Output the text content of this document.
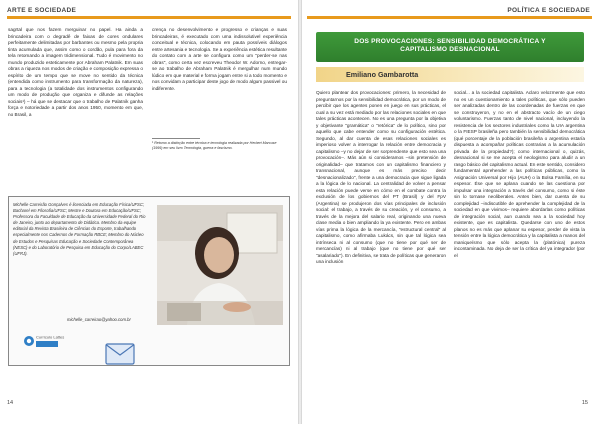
ARTE E SOCIEDADE

sagrtal que nos fazem merguinar no papel. Ha ainda a brincadeira com o degradê de faixas de cores ondulares perfeitamente delimitadas por barbantes ou mesmo pela propria tinta acumulada que, assim como o cordão, pula para fora da tela retomando a imagem tridimensional. Tudo é movimento no mundo produzido esteticamente por Abraham Palatnik. Em suas obras a riqueza nos modos de criação e composição expressa o espírito de um tempo que se move no sentido da técnica (entendida como instrumento para transformação da natureza), para a tecnologia (a totalidade dos instrumentos configurando um modo de produção que organiza e difunde as relações sociais¹) – há que se destacar que o trabalho de Palatnik ganha força e notoriedade a partir dos anos 1950, momento em que, no Brasil, a

crença no desenvolvimento e progresso e crianças e suas brincadeiras, é executado com uma indissolutivel experiência conceitual e técnica, colocando em pauta possíveis diálogos entre artesania e tecnologia. Se a experiência estética resultante do contato com a arte se configura como um "perder-se nas obras", como certa vez escreveu Theodor W. Adorno, entregar-se ao trabalho de Abraham Palatnik é mergulhar num mundo lúdico em que material e forma jogam entre si a todo momento e nos convidam a participar deste jogo de modo algum passivel ou indiferente.

¹ Retomo a distinção entre técnica e tecnologia realizada por Herbert Marcuse (1999) em seu livro Tecnologia, guerra e fascismo.
Michelle Carreirão Gonçalves é licenciada em Educação Física/UFSC; Bacharel em Filosofia/UFSC; Mestre e Doutora em Educação/UFSC; Professora da Faculdade de Educação da Universidade Federal do Rio de Janeiro, junto ao departamento de Didática. Membro da equipe editorial da Revista Brasileira de Ciências do Esporte, trabalhando especialmente nos Cadernos de Formação RBCE; Membro do Núcleo de Estudos e Pesquisas Educação e Sociedade Contemporânea (NESC) e do Laboratório de Pesquisa em Educação do Corpo/LABEC (UFRJ).
Currículo Lattes
michelle_carreirao@yahoo.com.br
14
POLÍTICA E SOCIEDADE
DOS PROVOCACIONES: SENSIBILIDAD DEMOCRÁTICA Y
CAPITALISMO DESNACIONAL
Emiliano Gambarotta

Quiero plantear dos provocaciones: primero, la necesidad de preguntarnos por la sensibilidad democrática, por un modo de percibir que los agentes ponen en juego en sus prácticas, el cual a su vez está mediado por las relaciones sociales en que tales prácticas acontecen. No es una pregunta por la objetiva y objetivante "gramática" o "retórica" de lo político, sino por aquello que cabe entender como su configuración estética. Segundo, al dar cuenta de esas relaciones sociales es imperioso volver a interrogar la relación entre democracia y capitalismo –y no dejar de ser sorprendente que esto sea una provocación–. Más aún si consideramos –sin pretensión de originalidad– que tratamos con un capitalismo financiero y transnacional, aunque es más preciso decir "desnacionalizado", frente a una democracia que sigue ligada a la lógica de lo nacional. La centralidad de volver a pensar esta relación puede verse en cómo en el combate contra la exclusión de los gobiernos del PT (Brasil) y del FpV (Argentina) se produjeron dos vías principales de inclusión social: el trabajo, a través de su creación, y el consumo, a través de la mejora del salario real, originando una nueva clase media o bien ampliando la ya existente. Pero en ambas vías prima la lógica de la mercancía, "estructural central" al capitalismo, como afirmaba Lukács, sin que tal lógica sea intrínseca ni al consumo (que no tiene por qué ser de mercancías) ni al trabajo (que no tiene por qué ser "asalariado"). En definitiva, se trata de políticas que generaron una inclusión

social... a la sociedad capitalista. Aclaro velozmente que esto no es un cuestionamiento a tales políticas, que sólo pueden ser analizadas dentro de las coordenadas de fuerzas en que se construyeron, y no en el abstracto vacío de un ciego voluntarismo. Fuerzas tanto de nivel nacional, incluyendo la resistencia de los sectores industriales como la UIA argentina o la FIESP brasileña pero también la sensibilidad democrática (qué porcentaje de la población brasileña o argentina estaría dispuesta a acompañar políticas contrarias a la acumulación privada de la propiedad?); como internacional o, quizás, desnacional si se me acepta el neologismo para aludir a un rasgo básico del capitalismo actual. En este sentido, considero fundamental aprehender a las políticas públicas, como la Asignación Universal por Hijo (AUH) o la Bolsa Família, en su espesor. Ése que se aplana cuando se las cuestiona por impulsar una integración a través del consumo, como si éste sin lo tornase neoliberales. Antes bien, dar cuenta de su complejidad –indiscutible de aprehender la complejidad de la sociedad en que vivimos– requiere abordarlas como políticas de integración social, aun cuando sea a la sociedad hoy existente, que es capitalista. Quedarse con uno de estos planos no es más que aplanar su espesor, perder de vista la tensión entre la lógica democrática y la capitalista a manos del maniqueísmo que sólo acepta la (platónica) pureza incontaminada. No deja de ser la crítica del ya integrador (por el

15
